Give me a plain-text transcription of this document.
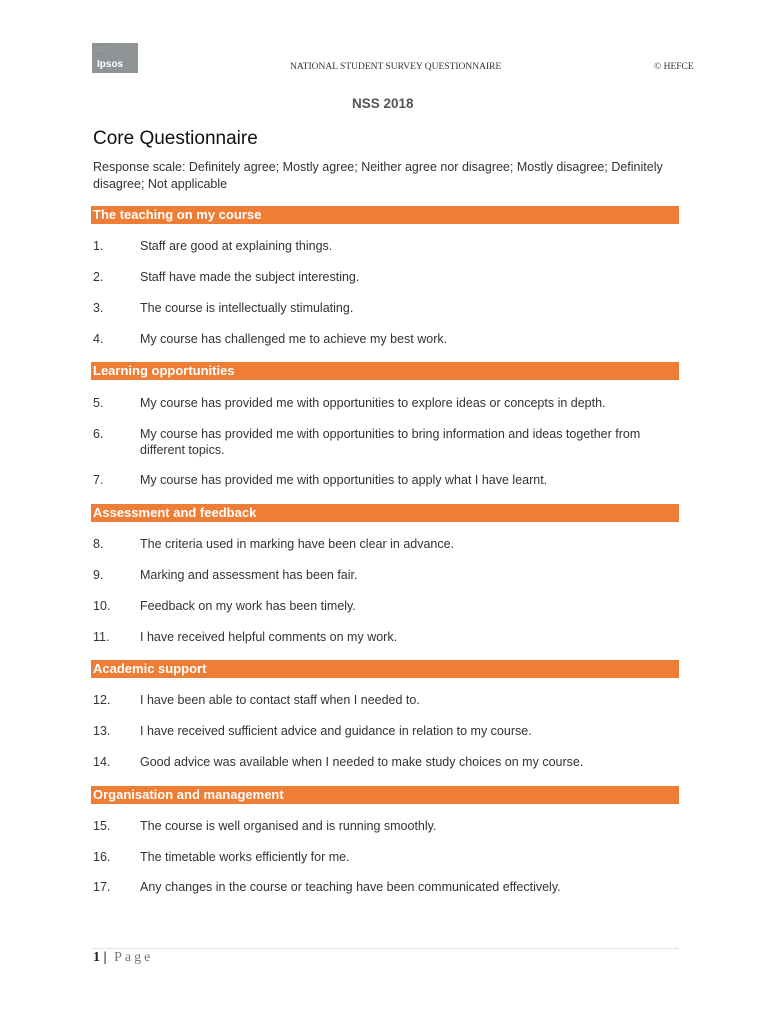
::::
Ipsos	NATIONAL STUDENT SURVEY QUESTIONNAIRE	© HEFCE
NSS 2018
Core Questionnaire
Response scale: Definitely agree; Mostly agree; Neither agree nor disagree; Mostly disagree; Definitely disagree; Not applicable
The teaching on my course
1.	Staff are good at explaining things.
2.	Staff have made the subject interesting.
3.	The course is intellectually stimulating.
4.	My course has challenged me to achieve my best work.
Learning opportunities
5.	My course has provided me with opportunities to explore ideas or concepts in depth.
6.	My course has provided me with opportunities to bring information and ideas together from different topics.
7.	My course has provided me with opportunities to apply what I have learnt.
Assessment and feedback
8.	The criteria used in marking have been clear in advance.
9.	Marking and assessment has been fair.
10. Feedback on my work has been timely.
11. I have received helpful comments on my work.
Academic support
12. I have been able to contact staff when I needed to.
13. I have received sufficient advice and guidance in relation to my course.
14. Good advice was available when I needed to make study choices on my course.
Organisation and management
15. The course is well organised and is running smoothly.
16. The timetable works efficiently for me.
17. Any changes in the course or teaching have been communicated effectively.
1 | Page
